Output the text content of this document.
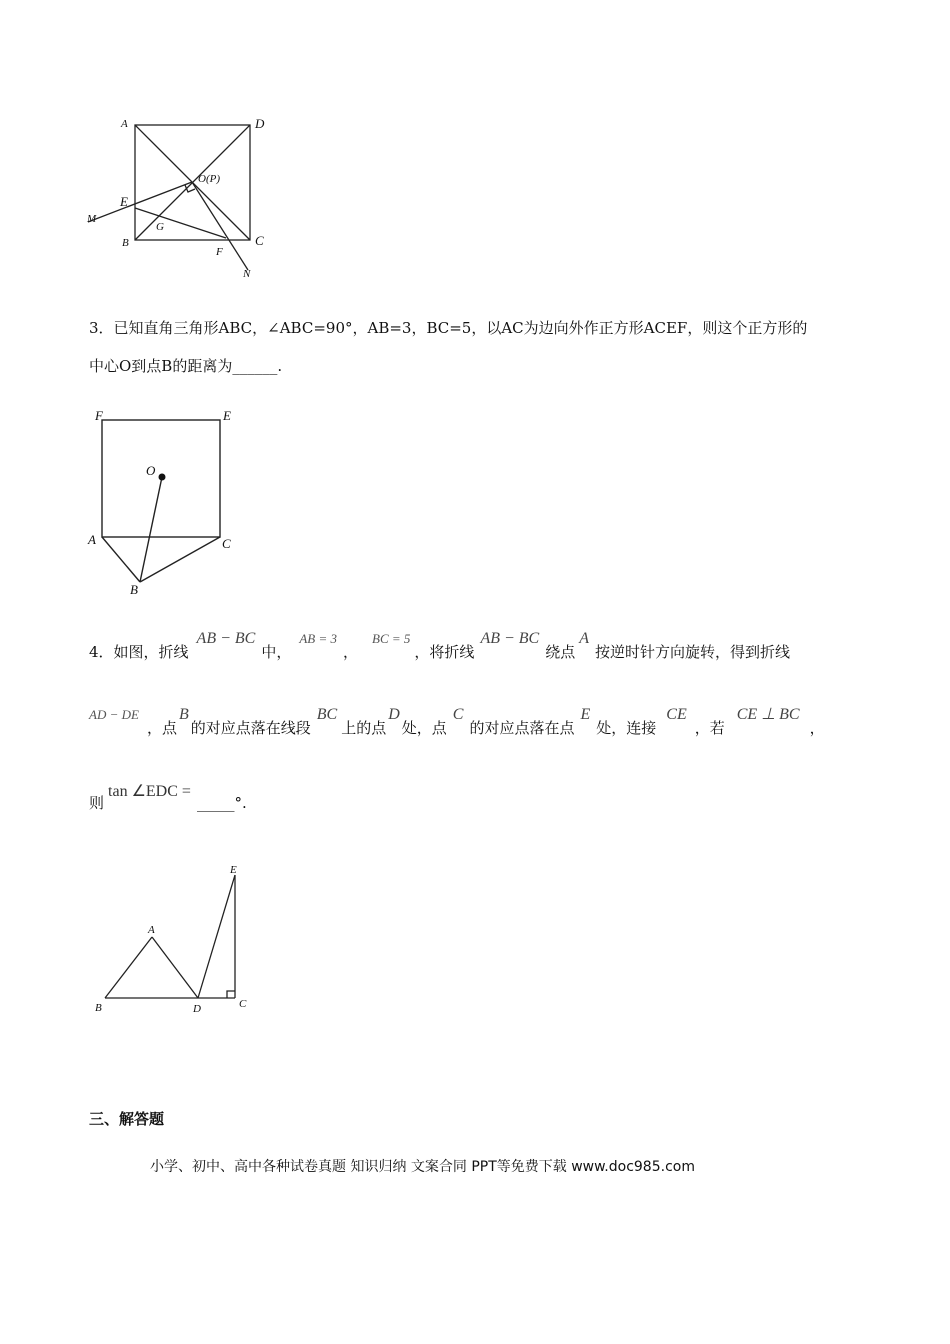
A	D
O(P)
E
M
G
B	C
F
N
3．已知直角三角形ABC，∠ABC=90°，AB=3，BC=5，以AC为边向外作正方形ACEF，则这个正方形的
中心O到点B的距离为______.
F	E
O
A	C
B
4．如图，折线AB − BC中，AB = 3，BC = 5，将折线AB − BC绕点A按逆时针方向旋转，得到折线
AD − DE，点B的对应点落在线段BC上的点D处，点C的对应点落在点E处，连接CE，若CE ⊥ BC，
则tan ∠EDC =_____°.
E
A
B	D	C
三、解答题
小学、初中、高中各种试卷真题 知识归纳 文案合同 PPT等免费下载 www.doc985.com
